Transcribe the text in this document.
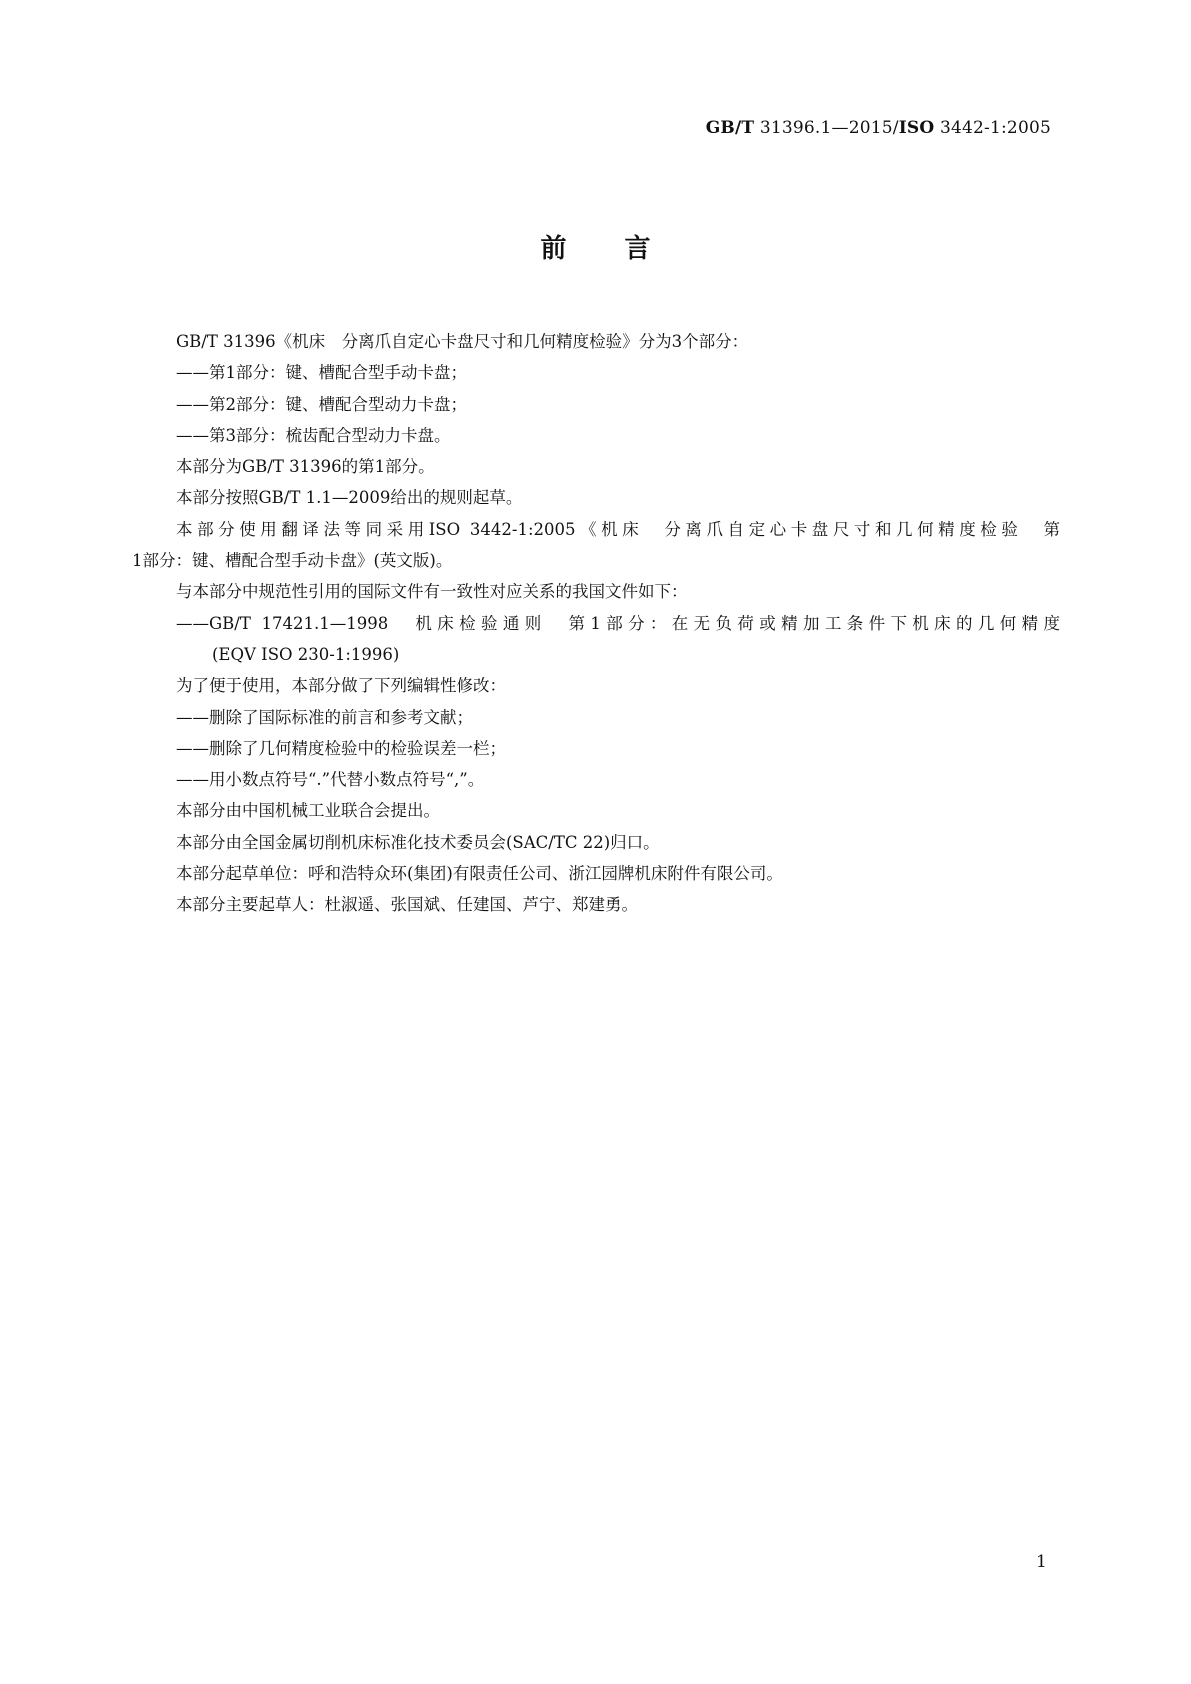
GB/T 31396.1—2015/ISO 3442-1:2005
前言
GB/T 31396《机床　分离爪自定心卡盘尺寸和几何精度检验》分为3个部分：
——第1部分：键、槽配合型手动卡盘；
——第2部分：键、槽配合型动力卡盘；
——第3部分：梳齿配合型动力卡盘。
本部分为GB/T 31396的第1部分。
本部分按照GB/T 1.1—2009给出的规则起草。
本部分使用翻译法等同采用ISO 3442-1:2005《机床　分离爪自定心卡盘尺寸和几何精度检验　第
1部分：键、槽配合型手动卡盘》(英文版)。
与本部分中规范性引用的国际文件有一致性对应关系的我国文件如下：
——GB/T 17421.1—1998　机床检验通则　第1部分：在无负荷或精加工条件下机床的几何精度
(EQV ISO 230-1:1996)
为了便于使用，本部分做了下列编辑性修改：
——删除了国际标准的前言和参考文献；
——删除了几何精度检验中的检验误差一栏；
——用小数点符号“.”代替小数点符号“,”。
本部分由中国机械工业联合会提出。
本部分由全国金属切削机床标准化技术委员会(SAC/TC 22)归口。
本部分起草单位：呼和浩特众环(集团)有限责任公司、浙江园牌机床附件有限公司。
本部分主要起草人：杜淑遥、张国斌、任建国、芦宁、郑建勇。
1
